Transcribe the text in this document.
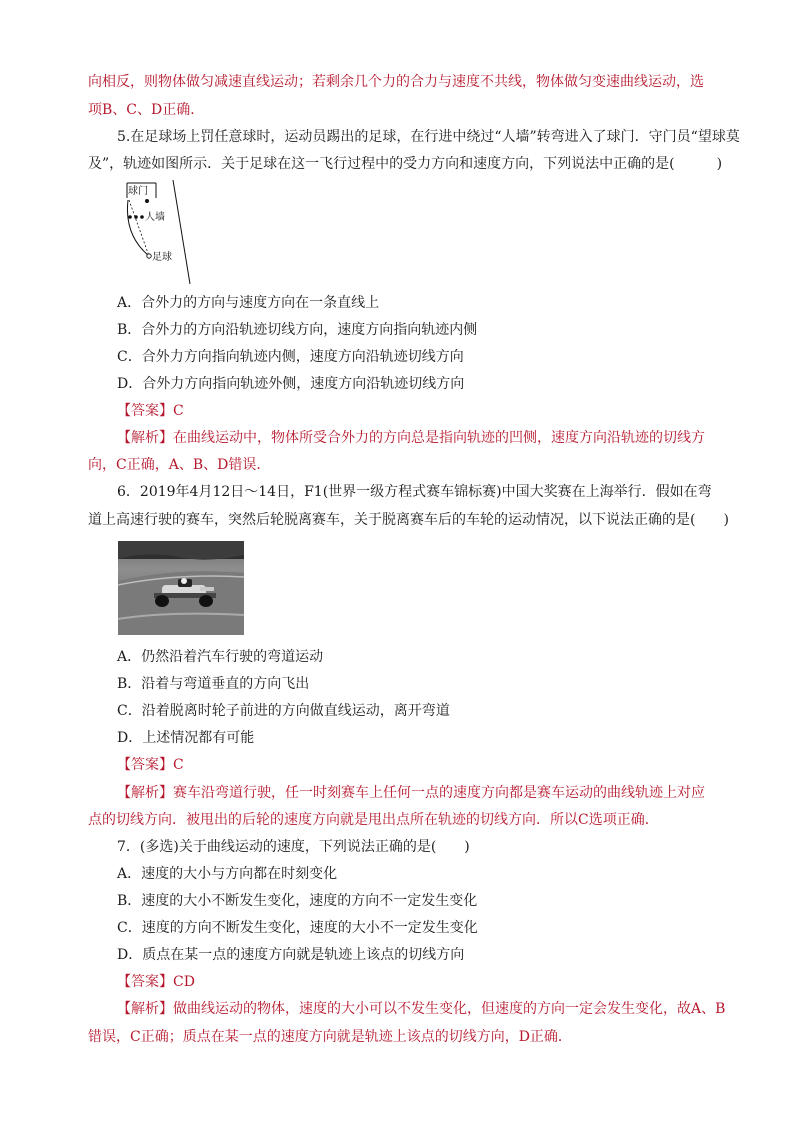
向相反，则物体做匀减速直线运动；若剩余几个力的合力与速度不共线，物体做匀变速曲线运动，选
项B、C、D正确．
5.在足球场上罚任意球时，运动员踢出的足球，在行进中绕过“人墙”转弯进入了球门．守门员“望球莫
及”，轨迹如图所示．关于足球在这一飞行过程中的受力方向和速度方向，下列说法中正确的是(　　　)
球门
人墙
足球
A．合外力的方向与速度方向在一条直线上
B．合外力的方向沿轨迹切线方向，速度方向指向轨迹内侧
C．合外力方向指向轨迹内侧，速度方向沿轨迹切线方向
D．合外力方向指向轨迹外侧，速度方向沿轨迹切线方向
【答案】C
【解析】在曲线运动中，物体所受合外力的方向总是指向轨迹的凹侧，速度方向沿轨迹的切线方
向，C正确，A、B、D错误．
6．2019年4月12日～14日，F1(世界一级方程式赛车锦标赛)中国大奖赛在上海举行．假如在弯
道上高速行驶的赛车，突然后轮脱离赛车，关于脱离赛车后的车轮的运动情况，以下说法正确的是(　　)
A．仍然沿着汽车行驶的弯道运动
B．沿着与弯道垂直的方向飞出
C．沿着脱离时轮子前进的方向做直线运动，离开弯道
D．上述情况都有可能
【答案】C
【解析】赛车沿弯道行驶，任一时刻赛车上任何一点的速度方向都是赛车运动的曲线轨迹上对应
点的切线方向．被甩出的后轮的速度方向就是甩出点所在轨迹的切线方向．所以C选项正确．
7．(多选)关于曲线运动的速度，下列说法正确的是(　　)
A．速度的大小与方向都在时刻变化
B．速度的大小不断发生变化，速度的方向不一定发生变化
C．速度的方向不断发生变化，速度的大小不一定发生变化
D．质点在某一点的速度方向就是轨迹上该点的切线方向
【答案】CD
【解析】做曲线运动的物体，速度的大小可以不发生变化，但速度的方向一定会发生变化，故A、B
错误，C正确；质点在某一点的速度方向就是轨迹上该点的切线方向，D正确．
